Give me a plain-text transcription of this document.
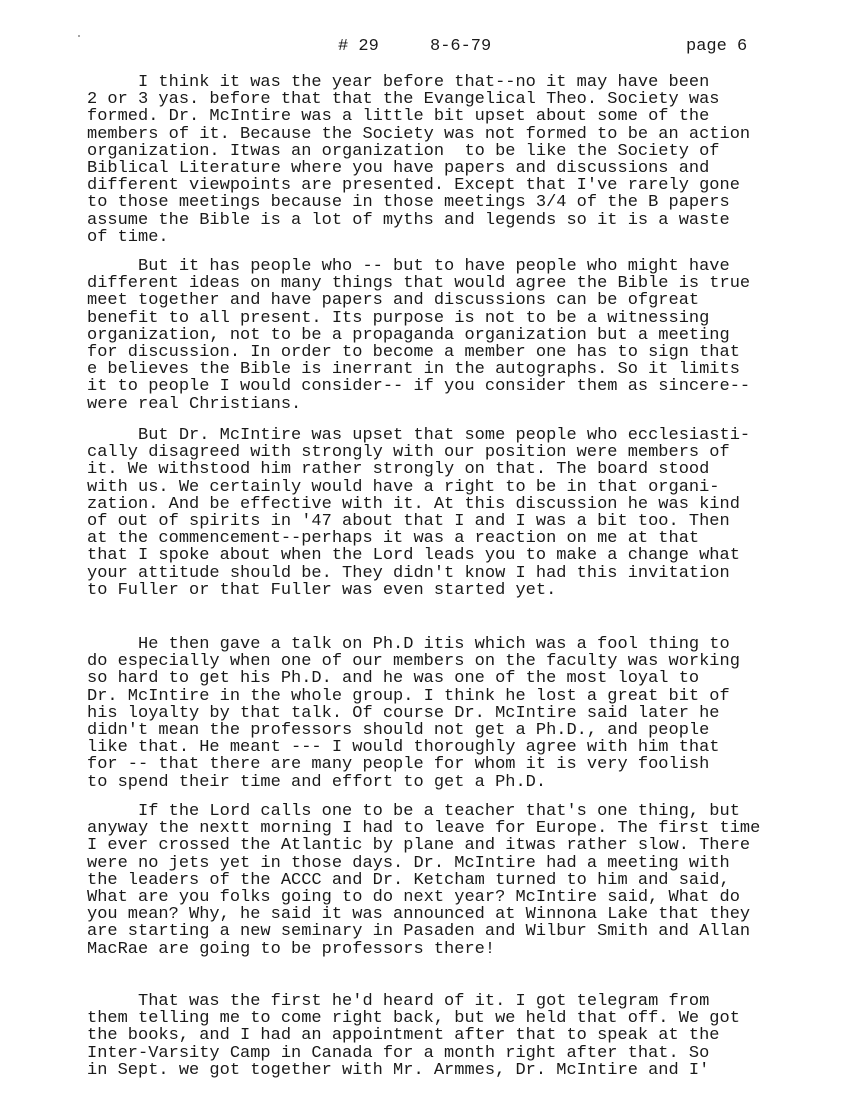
# 29	8-6-79	page 6
I think it was the year before that--no it may have been
2 or 3 yas. before that that the Evangelical Theo. Society was
formed. Dr. McIntire was a little bit upset about some of the
members of it. Because the Society was not formed to be an action
organization. Itwas an organization  to be like the Society of
Biblical Literature where you have papers and discussions and
different viewpoints are presented. Except that I've rarely gone
to those meetings because in those meetings 3/4 of the B papers
assume the Bible is a lot of myths and legends so it is a waste
of time.
But it has people who -- but to have people who might have
different ideas on many things that would agree the Bible is true
meet together and have papers and discussions can be ofgreat
benefit to all present. Its purpose is not to be a witnessing
organization, not to be a propaganda organization but a meeting
for discussion. In order to become a member one has to sign that
e believes the Bible is inerrant in the autographs. So it limits
it to people I would consider-- if you consider them as sincere--
were real Christians.
But Dr. McIntire was upset that some people who ecclesiasti-
cally disagreed with strongly with our position were members of
it. We withstood him rather strongly on that. The board stood
with us. We certainly would have a right to be in that organi-
zation. And be effective with it. At this discussion he was kind
of out of spirits in '47 about that I and I was a bit too. Then
at the commencement--perhaps it was a reaction on me at that
that I spoke about when the Lord leads you to make a change what
your attitude should be. They didn't know I had this invitation
to Fuller or that Fuller was even started yet.
He then gave a talk on Ph.D itis which was a fool thing to
do especially when one of our members on the faculty was working
so hard to get his Ph.D. and he was one of the most loyal to
Dr. McIntire in the whole group. I think he lost a great bit of
his loyalty by that talk. Of course Dr. McIntire said later he
didn't mean the professors should not get a Ph.D., and people
like that. He meant --- I would thoroughly agree with him that
for -- that there are many people for whom it is very foolish
to spend their time and effort to get a Ph.D.
If the Lord calls one to be a teacher that's one thing, but
anyway the nextt morning I had to leave for Europe. The first time
I ever crossed the Atlantic by plane and itwas rather slow. There
were no jets yet in those days. Dr. McIntire had a meeting with
the leaders of the ACCC and Dr. Ketcham turned to him and said,
What are you folks going to do next year? McIntire said, What do
you mean? Why, he said it was announced at Winnona Lake that they
are starting a new seminary in Pasaden and Wilbur Smith and Allan
MacRae are going to be professors there!
That was the first he'd heard of it. I got telegram from
them telling me to come right back, but we held that off. We got
the books, and I had an appointment after that to speak at the
Inter-Varsity Camp in Canada for a month right after that. So
in Sept. we got together with Mr. Armmes, Dr. McIntire and I'
